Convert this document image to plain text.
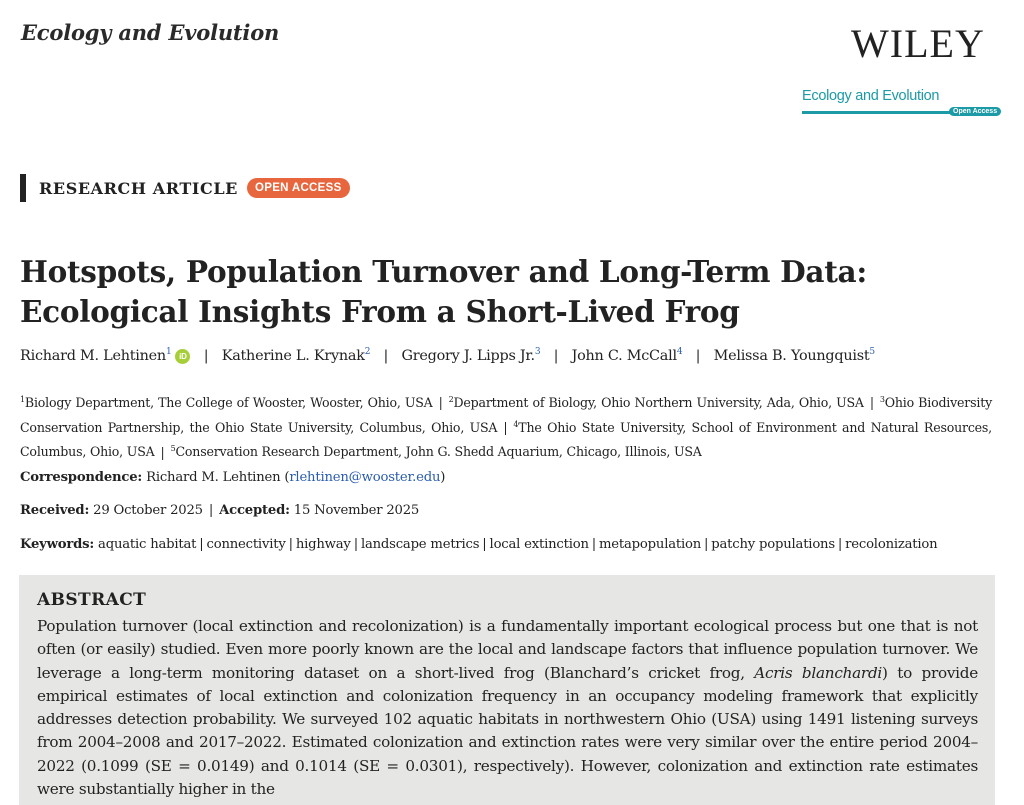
Ecology and Evolution	WILEY
Ecology and Evolution
Open Access
RESEARCH ARTICLE	OPEN ACCESS
Hotspots, Population Turnover and Long-Term Data: Ecological Insights From a Short-Lived Frog
Richard M. Lehtinen$^1$ iD | Katherine L. Krynak$^2$ | Gregory J. Lipps Jr.$^3$ | John C. McCall$^4$ | Melissa B. Youngquist$^5$
$^1$Biology Department, The College of Wooster, Wooster, Ohio, USA | $^2$Department of Biology, Ohio Northern University, Ada, Ohio, USA | $^3$Ohio Biodiversity Conservation Partnership, the Ohio State University, Columbus, Ohio, USA | $^4$The Ohio State University, School of Environment and Natural Resources, Columbus, Ohio, USA | $^5$Conservation Research Department, John G. Shedd Aquarium, Chicago, Illinois, USA
Correspondence: Richard M. Lehtinen (rlehtinen@wooster.edu)
Received: 29 October 2025 | Accepted: 15 November 2025
Keywords: aquatic habitat | connectivity | highway | landscape metrics | local extinction | metapopulation | patchy populations | recolonization
ABSTRACT
Population turnover (local extinction and recolonization) is a fundamentally important ecological process but one that is not often (or easily) studied. Even more poorly known are the local and landscape factors that influence population turnover. We leverage a long-term monitoring dataset on a short-lived frog (Blanchard’s cricket frog, Acris blanchardi) to provide empirical estimates of local extinction and colonization frequency in an occupancy modeling framework that explicitly addresses detection probability. We surveyed 102 aquatic habitats in northwestern Ohio (USA) using 1491 listening surveys from 2004–2008 and 2017–2022. Estimated colonization and extinction rates were very similar over the entire period 2004–2022 (0.1099 (SE = 0.0149) and 0.1014 (SE = 0.0301), respectively). However, colonization and extinction rate estimates were substantially higher in the
